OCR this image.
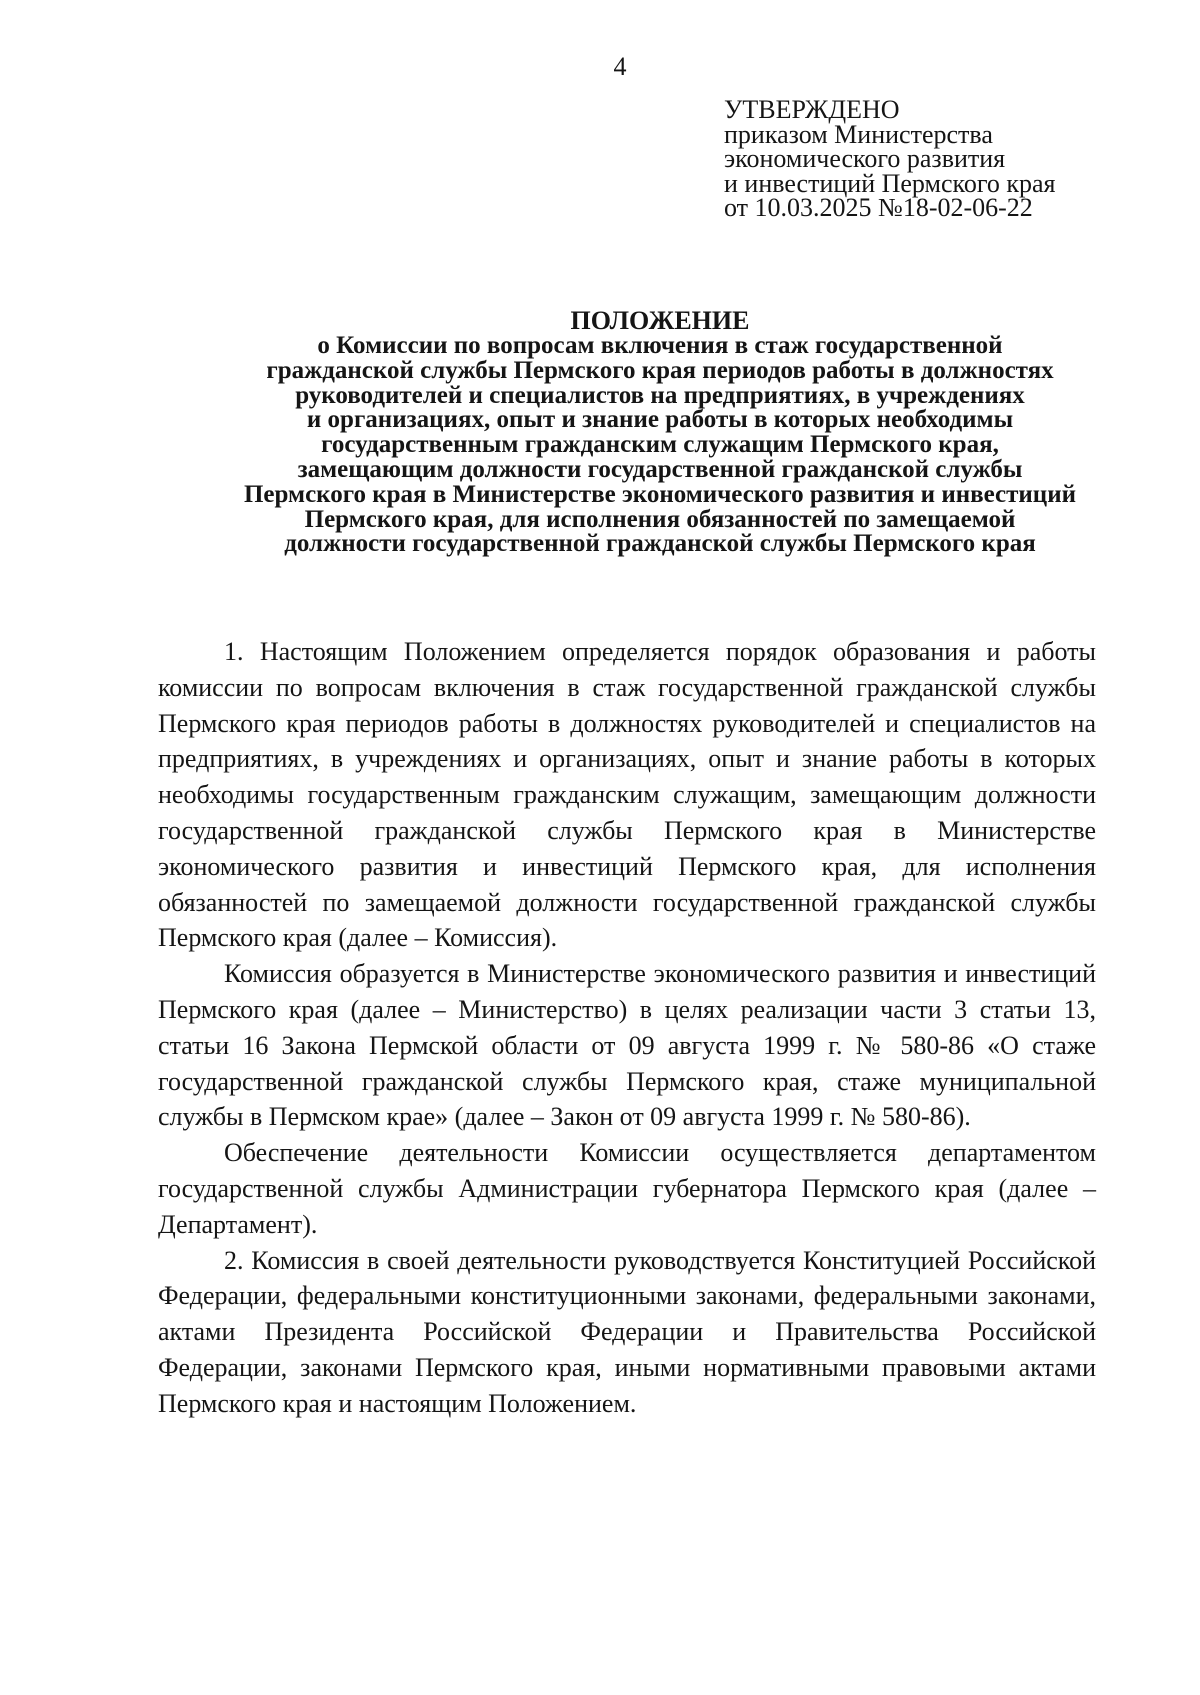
4
УТВЕРЖДЕНО
приказом Министерства
экономического развития
и инвестиций Пермского края
от 10.03.2025 №18-02-06-22
ПОЛОЖЕНИЕ
о Комиссии по вопросам включения в стаж государственной
гражданской службы Пермского края периодов работы в должностях
руководителей и специалистов на предприятиях, в учреждениях
и организациях, опыт и знание работы в которых необходимы
государственным гражданским служащим Пермского края,
замещающим должности государственной гражданской службы
Пермского края в Министерстве экономического развития и инвестиций
Пермского края, для исполнения обязанностей по замещаемой
должности государственной гражданской службы Пермского края

1. Настоящим Положением определяется порядок образования и работы комиссии по вопросам включения в стаж государственной гражданской службы Пермского края периодов работы в должностях руководителей и специалистов на предприятиях, в учреждениях и организациях, опыт и знание работы в которых необходимы государственным гражданским служащим, замещающим должности государственной гражданской службы Пермского края в Министерстве экономического развития и инвестиций Пермского края, для исполнения обязанностей по замещаемой должности государственной гражданской службы Пермского края (далее – Комиссия).

Комиссия образуется в Министерстве экономического развития и инвестиций Пермского края (далее – Министерство) в целях реализации части 3 статьи 13, статьи 16 Закона Пермской области от 09 августа 1999 г. № 580-86 «О стаже государственной гражданской службы Пермского края, стаже муниципальной службы в Пермском крае» (далее – Закон от 09 августа 1999 г. № 580-86).

Обеспечение деятельности Комиссии осуществляется департаментом государственной службы Администрации губернатора Пермского края (далее – Департамент).

2. Комиссия в своей деятельности руководствуется Конституцией Российской Федерации, федеральными конституционными законами, федеральными законами, актами Президента Российской Федерации и Правительства Российской Федерации, законами Пермского края, иными нормативными правовыми актами Пермского края и настоящим Положением.
